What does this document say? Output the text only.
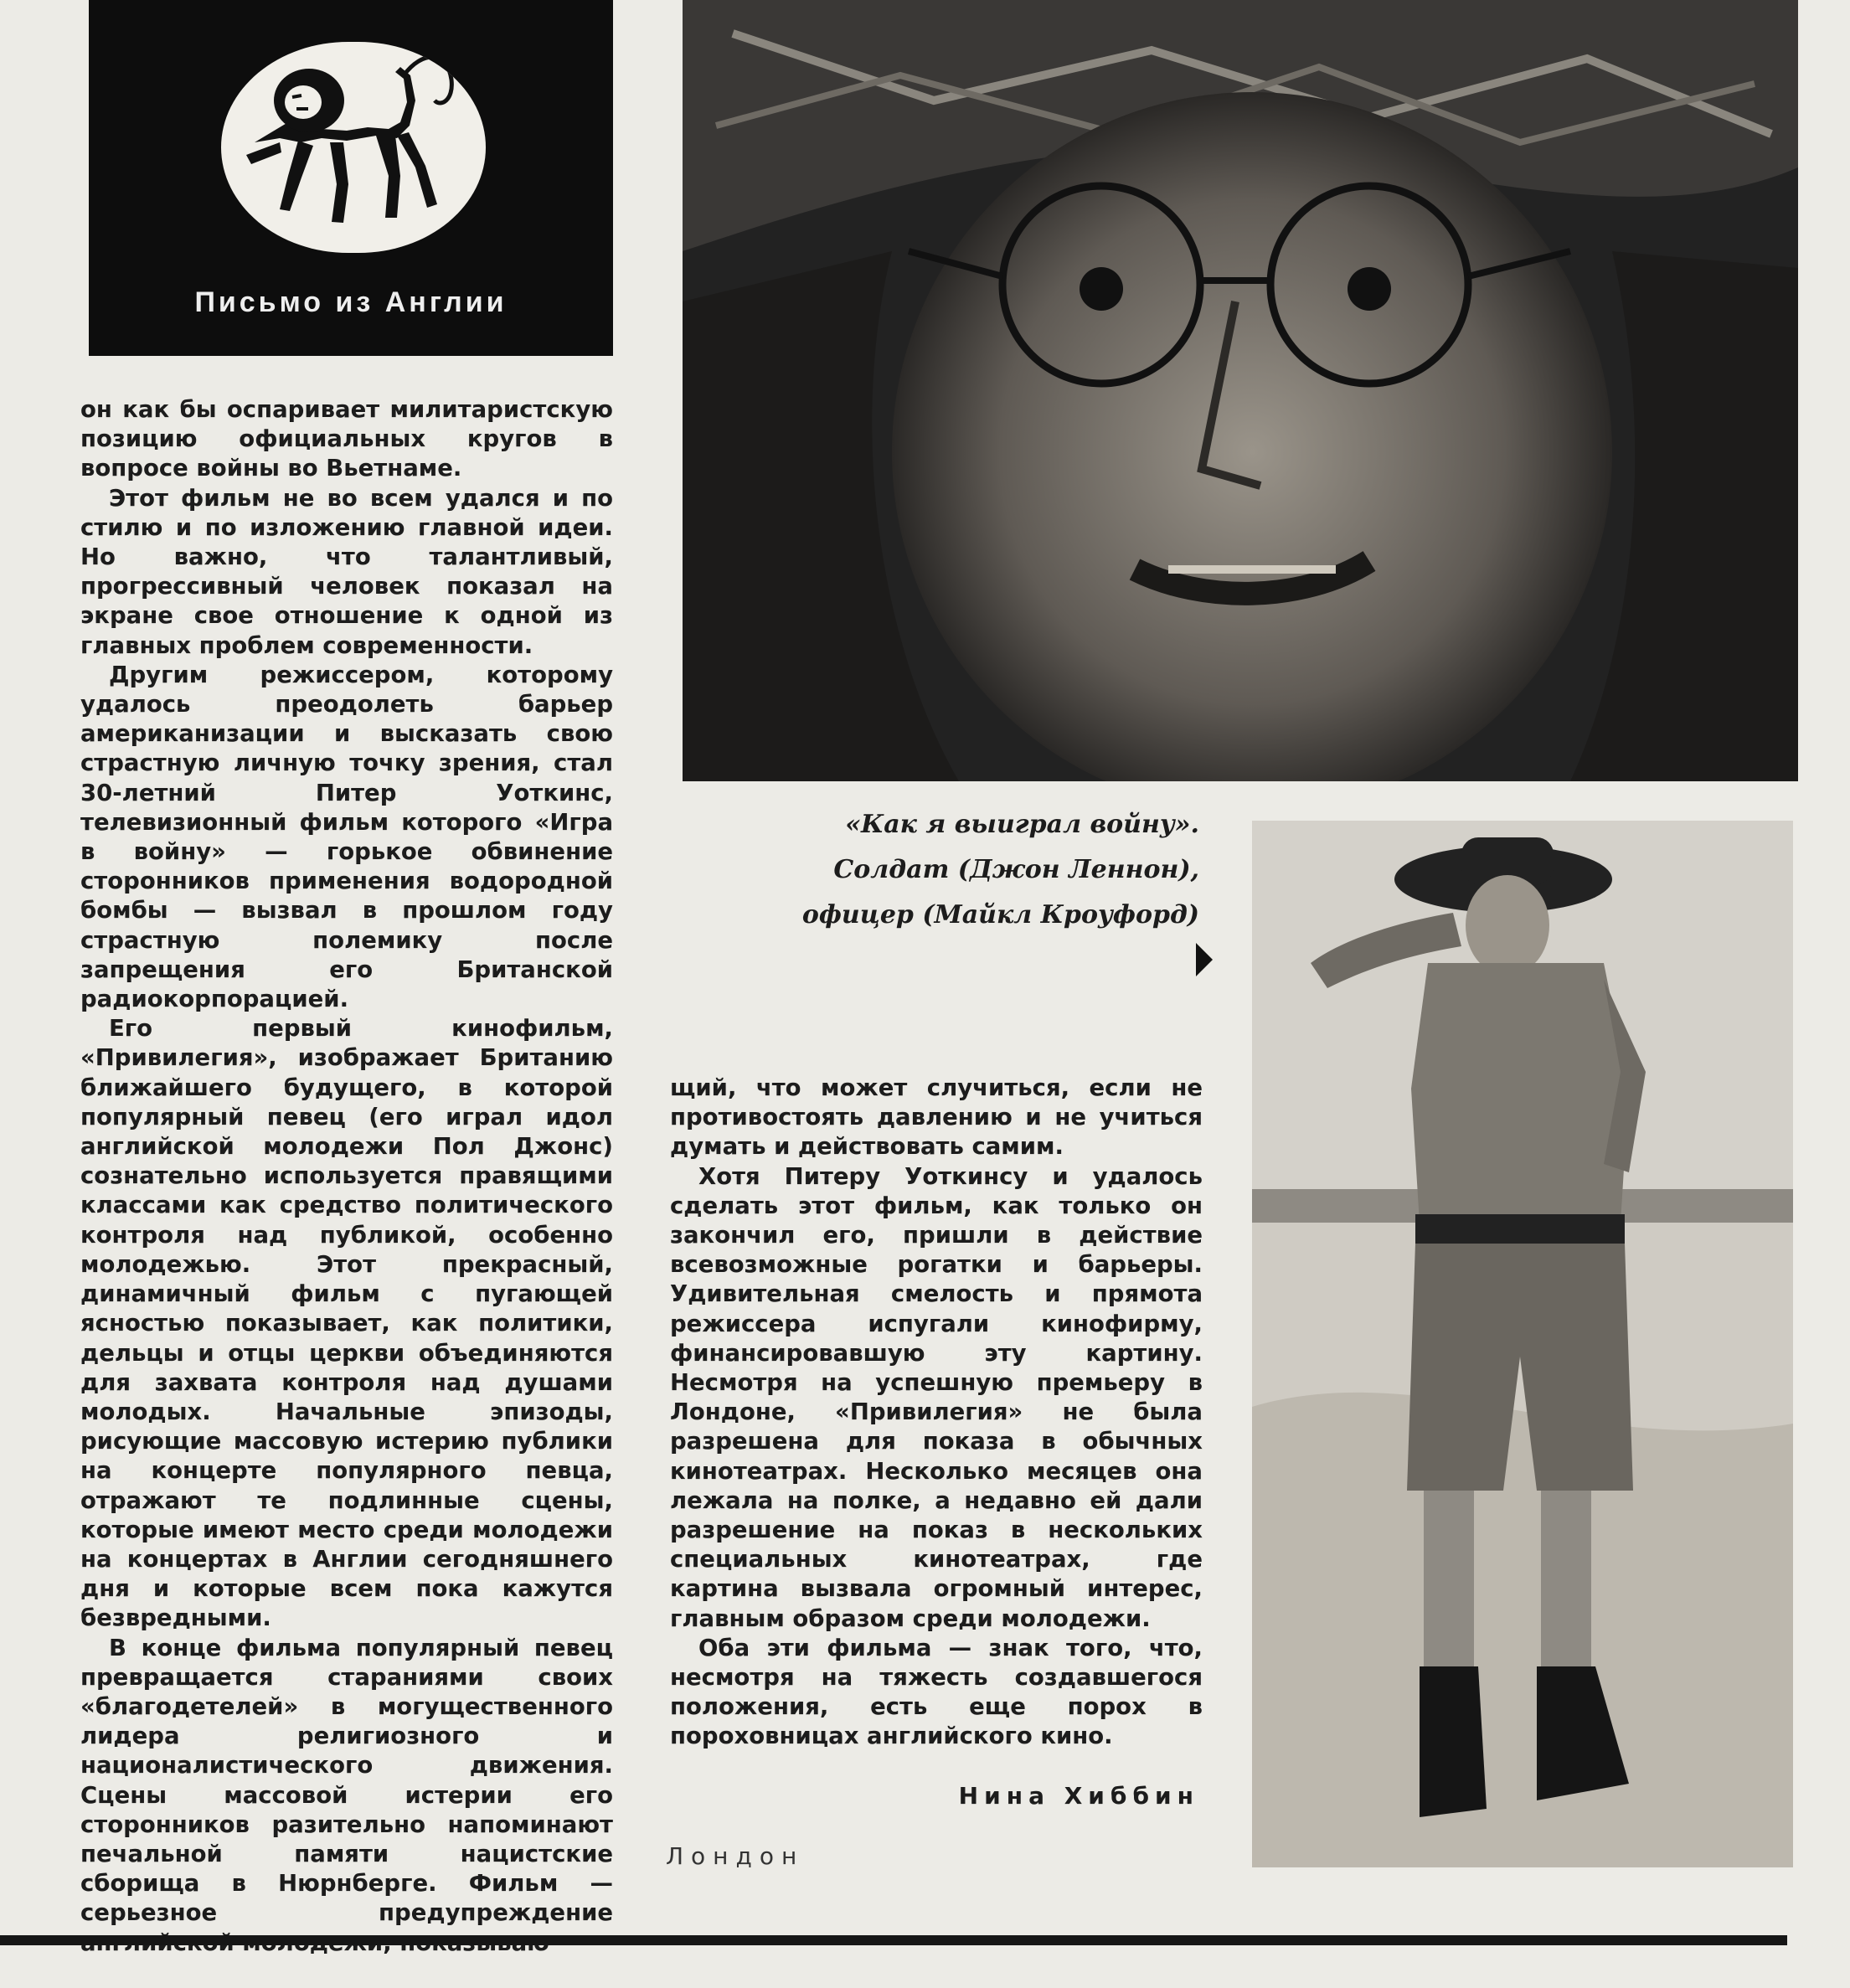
Письмо из Англии

он как бы оспаривает милитаристскую позицию официальных кругов в вопросе войны во Вьетнаме.

Этот фильм не во всем удался и по стилю и по изложению главной идеи. Но важно, что талантливый, прогрессивный человек показал на экране свое отношение к одной из главных проблем современности.

Другим режиссером, которому удалось преодолеть барьер американизации и высказать свою страстную личную точку зрения, стал 30-летний Питер Уоткинс, телевизионный фильм которого «Игра в войну» — горькое обвинение сторонников применения водородной бомбы — вызвал в прошлом году страстную полемику после запрещения его Британской радиокорпорацией.

Его первый кинофильм, «Привилегия», изображает Британию ближайшего будущего, в которой популярный певец (его играл идол английской молодежи Пол Джонс) сознательно используется правящими классами как средство политического контроля над публикой, особенно молодежью. Этот прекрасный, динамичный фильм с пугающей ясностью показывает, как политики, дельцы и отцы церкви объединяются для захвата контроля над душами молодых. Начальные эпизоды, рисующие массовую истерию публики на концерте популярного певца, отражают те подлинные сцены, которые имеют место среди молодежи на концертах в Англии сегодняшнего дня и которые всем пока кажутся безвредными.

В конце фильма популярный певец превращается стараниями своих «благодетелей» в могущественного лидера религиозного и националистического движения. Сцены массовой истерии его сторонников разительно напоминают печальной памяти нацистские сборища в Нюрнберге. Фильм — серьезное предупреждение

«Как я выиграл войну».
Солдат (Джон Леннон),
офицер (Майкл Кроуфорд)

щий, что может случиться, если не противостоять давлению и не учиться думать и действовать самим.

Хотя Питеру Уоткинсу и удалось сделать этот фильм, как только он закончил его, пришли в действие всевозможные рогатки и барьеры. Удивительная смелость и прямота режиссера испугали кинофирму, финансировавшую эту картину. Несмотря на успешную премьеру в Лондоне, «Привилегия» не была разрешена для показа в обычных кинотеатрах. Несколько месяцев она лежала на полке, а недавно ей дали разрешение на показ в нескольких специальных кинотеатрах, где картина вызвала огромный интерес, главным образом среди молодежи.

Оба эти фильма — знак того, что, несмотря на тяжесть создавшегося положения, есть еще порох в пороховницах английского кино.

Нина Хиббин
Лондон
